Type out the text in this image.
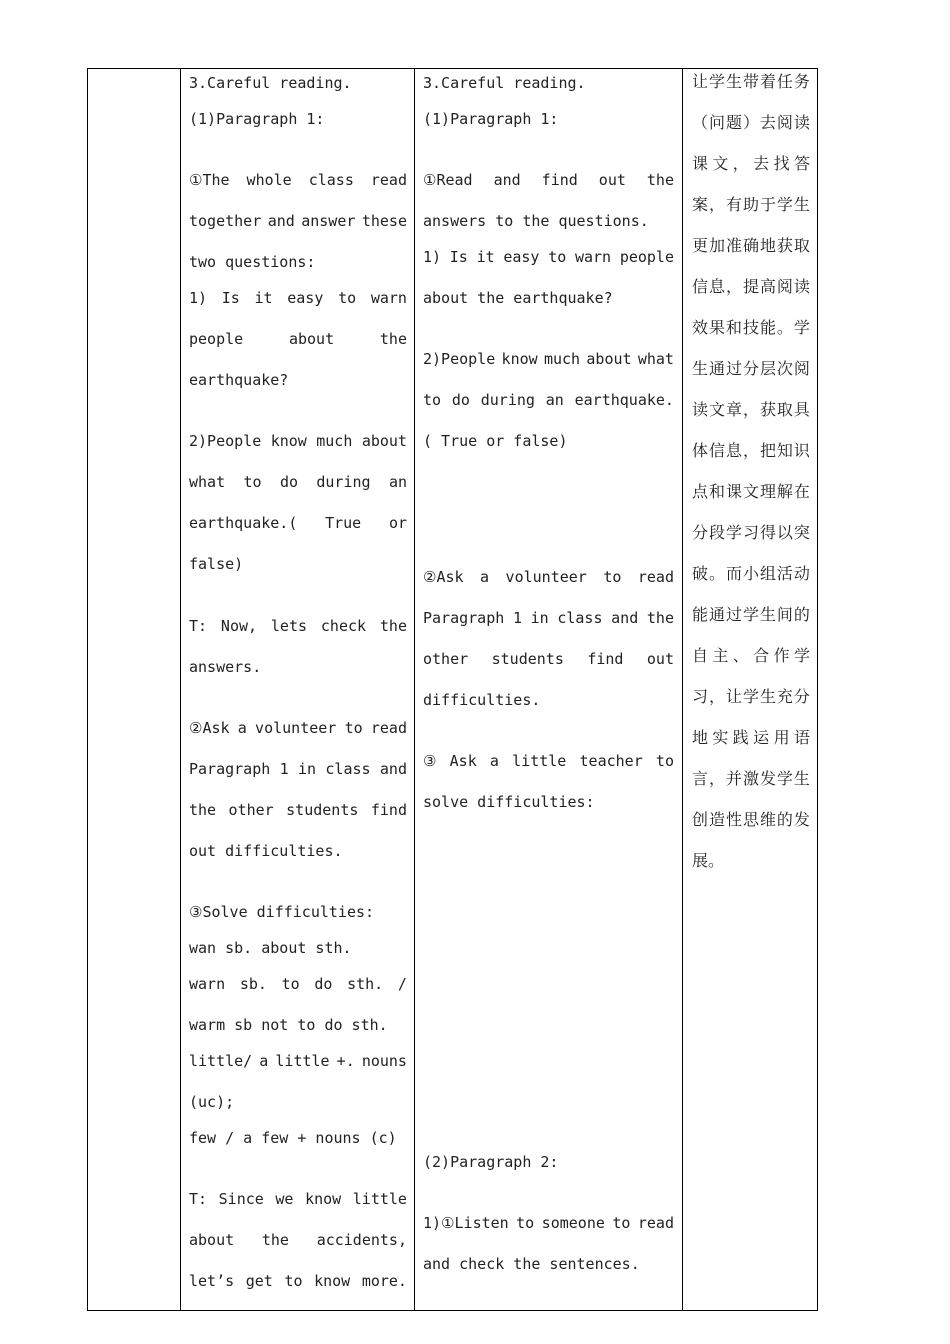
3.Careful reading.
(1)Paragraph 1:
①The whole class read
together and answer these
two questions:
1) Is it easy to warn
people	about	the
earthquake?
2)People know much about
what to do during an
earthquake.( True or
false)
T: Now, lets check the
answers.
②Ask a volunteer to read
Paragraph 1 in class and
the other students find
out difficulties.
③Solve difficulties:
wan sb. about sth.
warn sb. to do sth. /
warm sb not to do sth.
little/ a little +. nouns
(uc);
few / a few + nouns (c)
T: Since we know little
about the accidents,
let’s get to know more.
3.Careful reading.
(1)Paragraph 1:
①Read and find out the
answers to the questions.
1) Is it easy to warn people
about the earthquake?
2)People know much about what
to do during an earthquake.
( True or false)
②Ask a volunteer to read
Paragraph 1 in class and the
other students find out
difficulties.
③ Ask a little teacher to
solve difficulties:
(2)Paragraph 2:
1)①Listen to someone to read
and check the sentences.
让 学 生 带 着 任 务
（ 问 题 ） 去 阅 读
课 文 ， 去 找 答
案 ， 有 助 于 学 生
更 加 准 确 地 获 取
信 息 ， 提 高 阅 读
效 果 和 技 能 。 学
生 通 过 分 层 次 阅
读 文 章 ， 获 取 具
体 信 息 ， 把 知 识
点 和 课 文 理 解 在
分 段 学 习 得 以 突
破 。 而 小 组 活 动
能 通 过 学 生 间 的
自 主 、 合 作 学
习 ， 让 学 生 充 分
地 实 践 运 用 语
言 ， 并 激 发 学 生
创 造 性 思 维 的 发
展。
